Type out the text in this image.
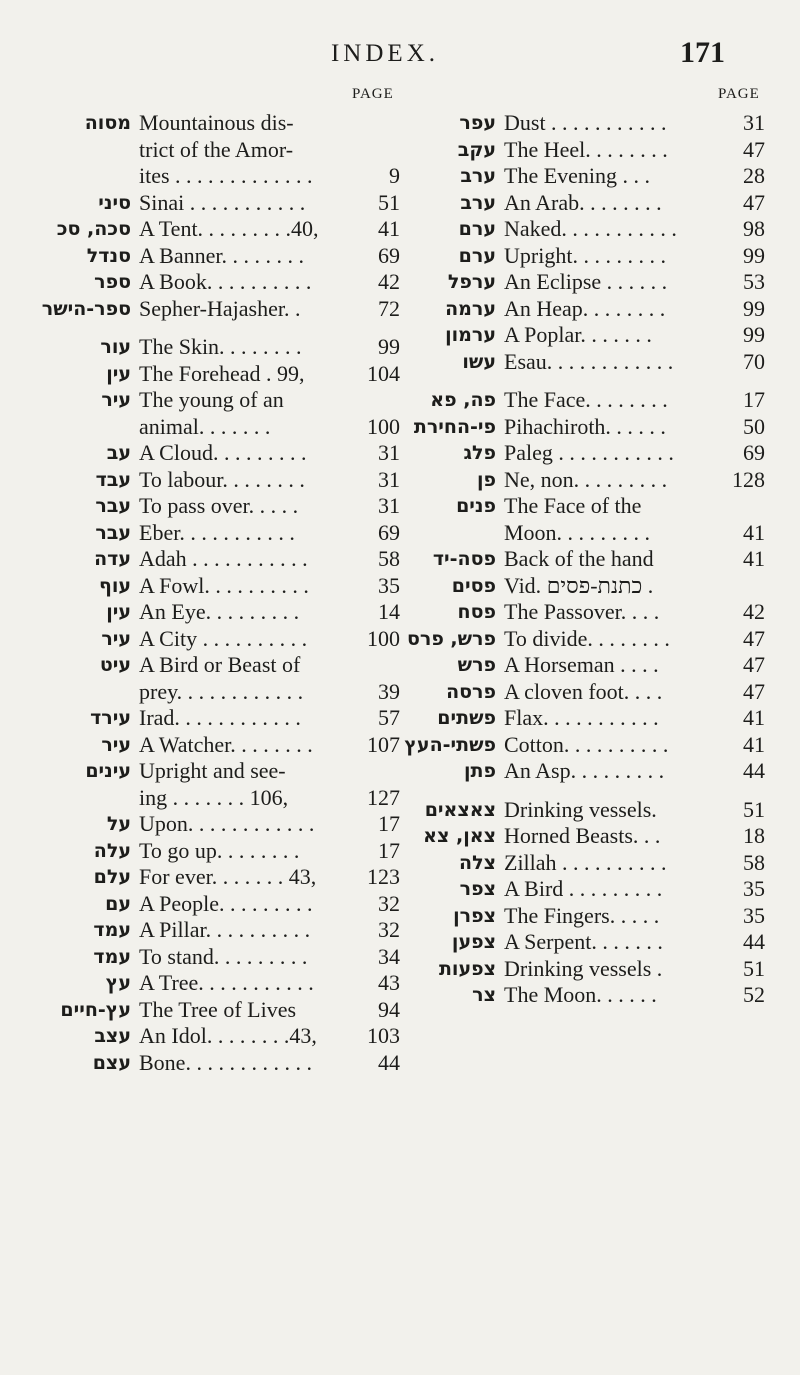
INDEX.	171
PAGE	PAGE
מסוה Mountainous dis-
trict of the Amor-
ites . . . . . . . . . . . . .	9
סיני Sinai . . . . . . . . . . .	51
סכה, סכ A Tent. . . . . . . . .40,	41
סנדל A Banner. . . . . . . .	69
ספר A Book. . . . . . . . . .	42
ספר-הישר Sepher-Hajasher. .	72
עור The Skin. . . . . . . .	99
עין The Forehead . 99,	104
עיר The young of an
animal. . . . . . .	100
עב A Cloud. . . . . . . . .	31
עבד To labour. . . . . . . .	31
עבר To pass over. . . . .	31
עבר Eber. . . . . . . . . . .	69
עדה Adah . . . . . . . . . . .	58
עוף A Fowl. . . . . . . . . .	35
עין An Eye. . . . . . . . .	14
עיר A City . . . . . . . . . .	100
עיט A Bird or Beast of
prey. . . . . . . . . . . .	39
עירד Irad. . . . . . . . . . . .	57
עיר A Watcher. . . . . . . .	107
עינים Upright and see-
ing . . . . . . . 106,	127
על Upon. . . . . . . . . . . .	17
עלה To go up. . . . . . . .	17
עלם For ever. . . . . . . 43,	123
עם A People. . . . . . . . .	32
עמד A Pillar. . . . . . . . . .	32
עמד To stand. . . . . . . . .	34
עץ A Tree. . . . . . . . . . .	43
עץ-חיים The Tree of Lives	94
עצב An Idol. . . . . . . .43,	103
עצם Bone. . . . . . . . . . . .	44
עפר Dust . . . . . . . . . . .	31
עקב The Heel. . . . . . . .	47
ערב The Evening . . .	28
ערב An Arab. . . . . . . .	47
ערם Naked. . . . . . . . . . .	98
ערם Upright. . . . . . . . .	99
ערפל An Eclipse . . . . . .	53
ערמה An Heap. . . . . . . .	99
ערמון A Poplar. . . . . . .	99
עשו Esau. . . . . . . . . . . .	70
פה, פא The Face. . . . . . . .	17
פי-החירת Pihachiroth. . . . . .	50
פלג Paleg . . . . . . . . . . .	69
פן Ne, non. . . . . . . . .	128
פנים The Face of the
Moon. . . . . . . . .	41
פסה-יד Back of the hand	41
פסים Vid. כתנת-פסים .
פסח The Passover. . . .	42
פרש, פרס To divide. . . . . . . .	47
פרש A Horseman . . . .	47
פרסה A cloven foot. . . .	47
פשתים Flax. . . . . . . . . . .	41
פשתי-העץ Cotton. . . . . . . . . .	41
פתן An Asp. . . . . . . . .	44
צאצאים Drinking vessels.	51
צאן, צא Horned Beasts. . .	18
צלה Zillah . . . . . . . . . .	58
צפר A Bird . . . . . . . . .	35
צפרן The Fingers. . . . .	35
צפען A Serpent. . . . . . .	44
צפעות Drinking vessels .	51
צר The Moon. . . . . .	52
